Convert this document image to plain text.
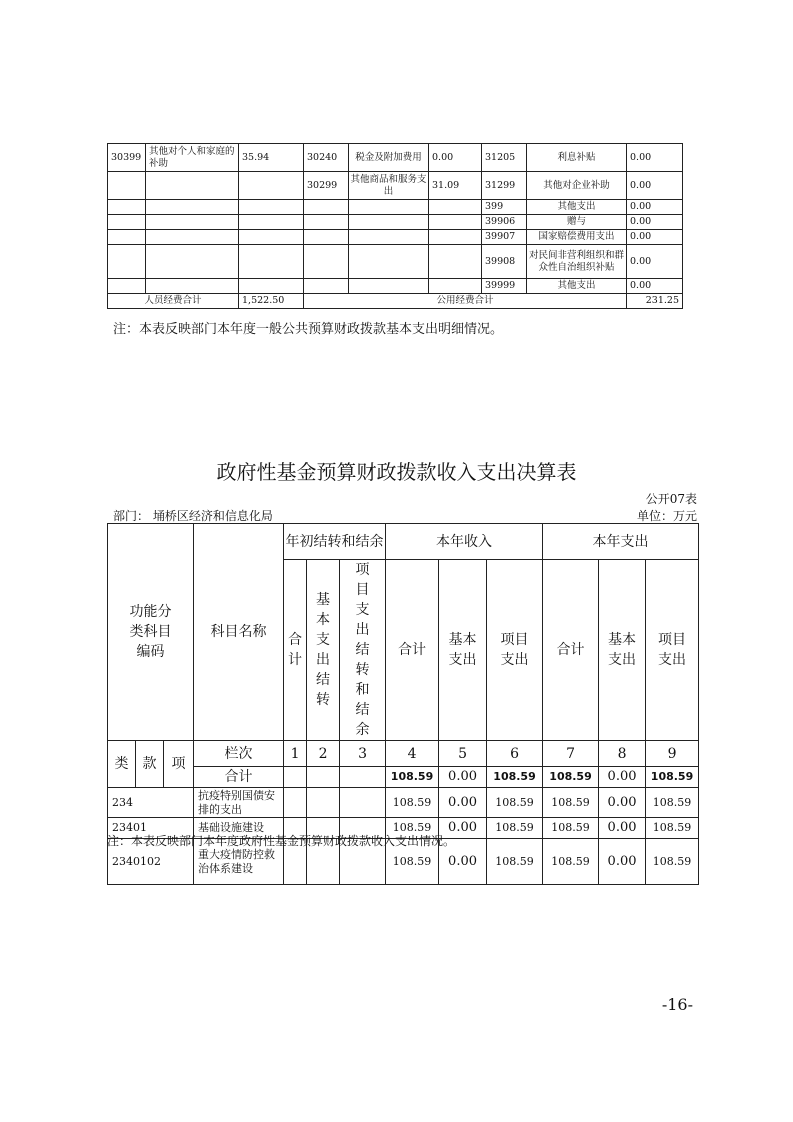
30399	其他对个人和家庭的补助	35.94	30240	税金及附加费用	0.00	31205	利息补贴	0.00
			30299	其他商品和服务支出	31.09	31299	其他对企业补助	0.00
						399	其他支出	0.00
						39906	赠与	0.00
						39907	国家赔偿费用支出	0.00
						39908	对民间非营利组织和群众性自治组织补贴	0.00
						39999	其他支出	0.00
人员经费合计		1,522.50	公用经费合计					231.25
注：本表反映部门本年度一般公共预算财政拨款基本支出明细情况。
政府性基金预算财政拨款收入支出决算表
公开07表
部门： 埇桥区经济和信息化局	单位：万元
功能分类科目编码			科目名称	年初结转和结余			本年收入			本年支出		
				合计	基本支出结转	项目支出结转和结余	合计	基本支出	项目支出	合计	基本支出	项目支出

类	款	项	栏次	1	2	3	4	5	6	7	8	9
			合计				108.59	0.00	108.59	108.59	0.00	108.59
234			抗疫特别国债安排的支出				108.59	0.00	108.59	108.59	0.00	108.59
23401			基础设施建设				108.59	0.00	108.59	108.59	0.00	108.59
2340102			重大疫情防控救治体系建设				108.59	0.00	108.59	108.59	0.00	108.59
注：本表反映部门本年度政府性基金预算财政拨款收入支出情况。
-16-
